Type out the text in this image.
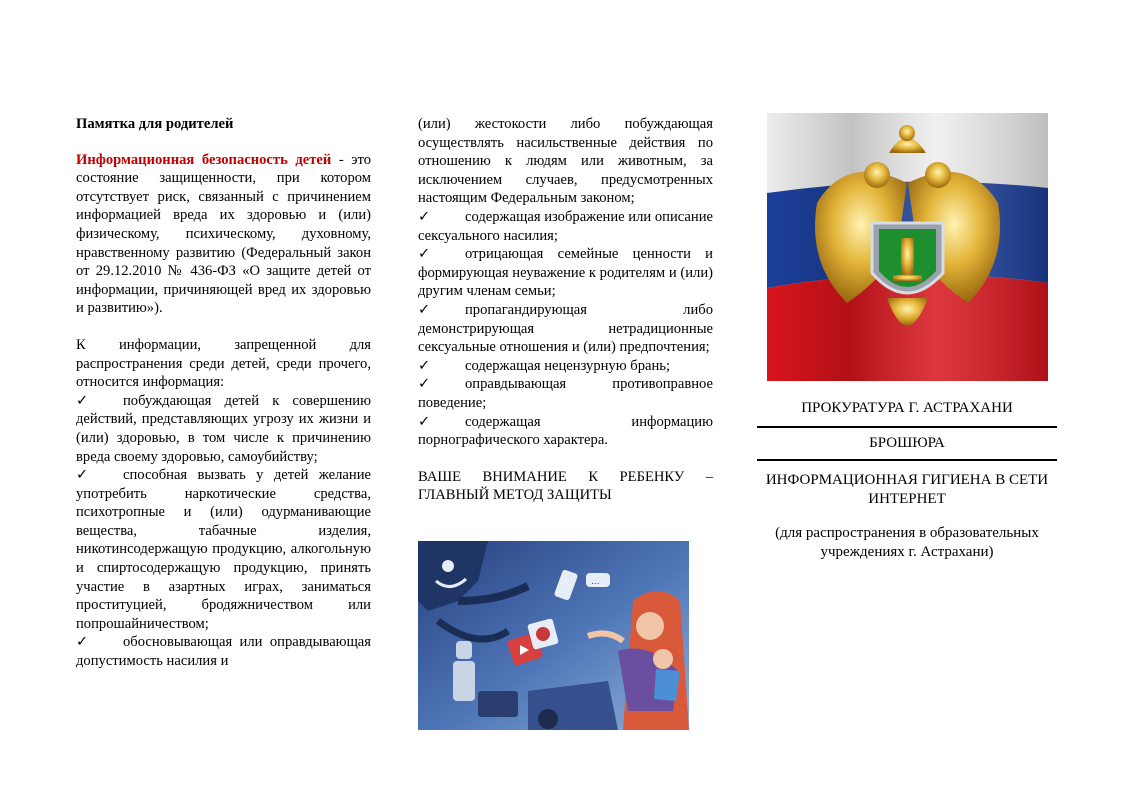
Памятка для родителей

Информационная безопасность детей - это состояние защищенности, при котором отсутствует риск, связанный с причинением информацией вреда их здоровью и (или) физическому, психическому, духовному, нравственному развитию (Федеральный закон от 29.12.2010 № 436-ФЗ «О защите детей от информации, причиняющей вред их здоровью и развитию»).

К информации, запрещенной для распространения среди детей, среди прочего, относится информация:

✓ побуждающая детей к совершению действий, представляющих угрозу их жизни и (или) здоровью, в том числе к причинению вреда своему здоровью, самоубийству;

✓ способная вызвать у детей желание употребить наркотические средства, психотропные и (или) одурманивающие вещества, табачные изделия, никотинсодержащую продукцию, алкогольную и спиртосодержащую продукцию, принять участие в азартных играх, заниматься проституцией, бродяжничеством или попрошайничеством;

✓ обосновывающая или оправдывающая допустимость насилия и

(или) жестокости либо побуждающая осуществлять насильственные действия по отношению к людям или животным, за исключением случаев, предусмотренных настоящим Федеральным законом;

✓ содержащая изображение или описание сексуального насилия;

✓ отрицающая семейные ценности и формирующая неуважение к родителям и (или) другим членам семьи;

✓ пропагандирующая либо демонстрирующая нетрадиционные сексуальные отношения и (или) предпочтения;

✓ содержащая нецензурную брань;

✓ оправдывающая противоправное поведение;

✓ содержащая информацию порнографического характера.

ВАШЕ ВНИМАНИЕ К РЕБЕНКУ – ГЛАВНЫЙ МЕТОД ЗАЩИТЫ

...

ПРОКУРАТУРА Г. АСТРАХАНИ

БРОШЮРА

ИНФОРМАЦИОННАЯ ГИГИЕНА В СЕТИ ИНТЕРНЕТ

(для распространения в образовательных учреждениях г. Астрахани)
